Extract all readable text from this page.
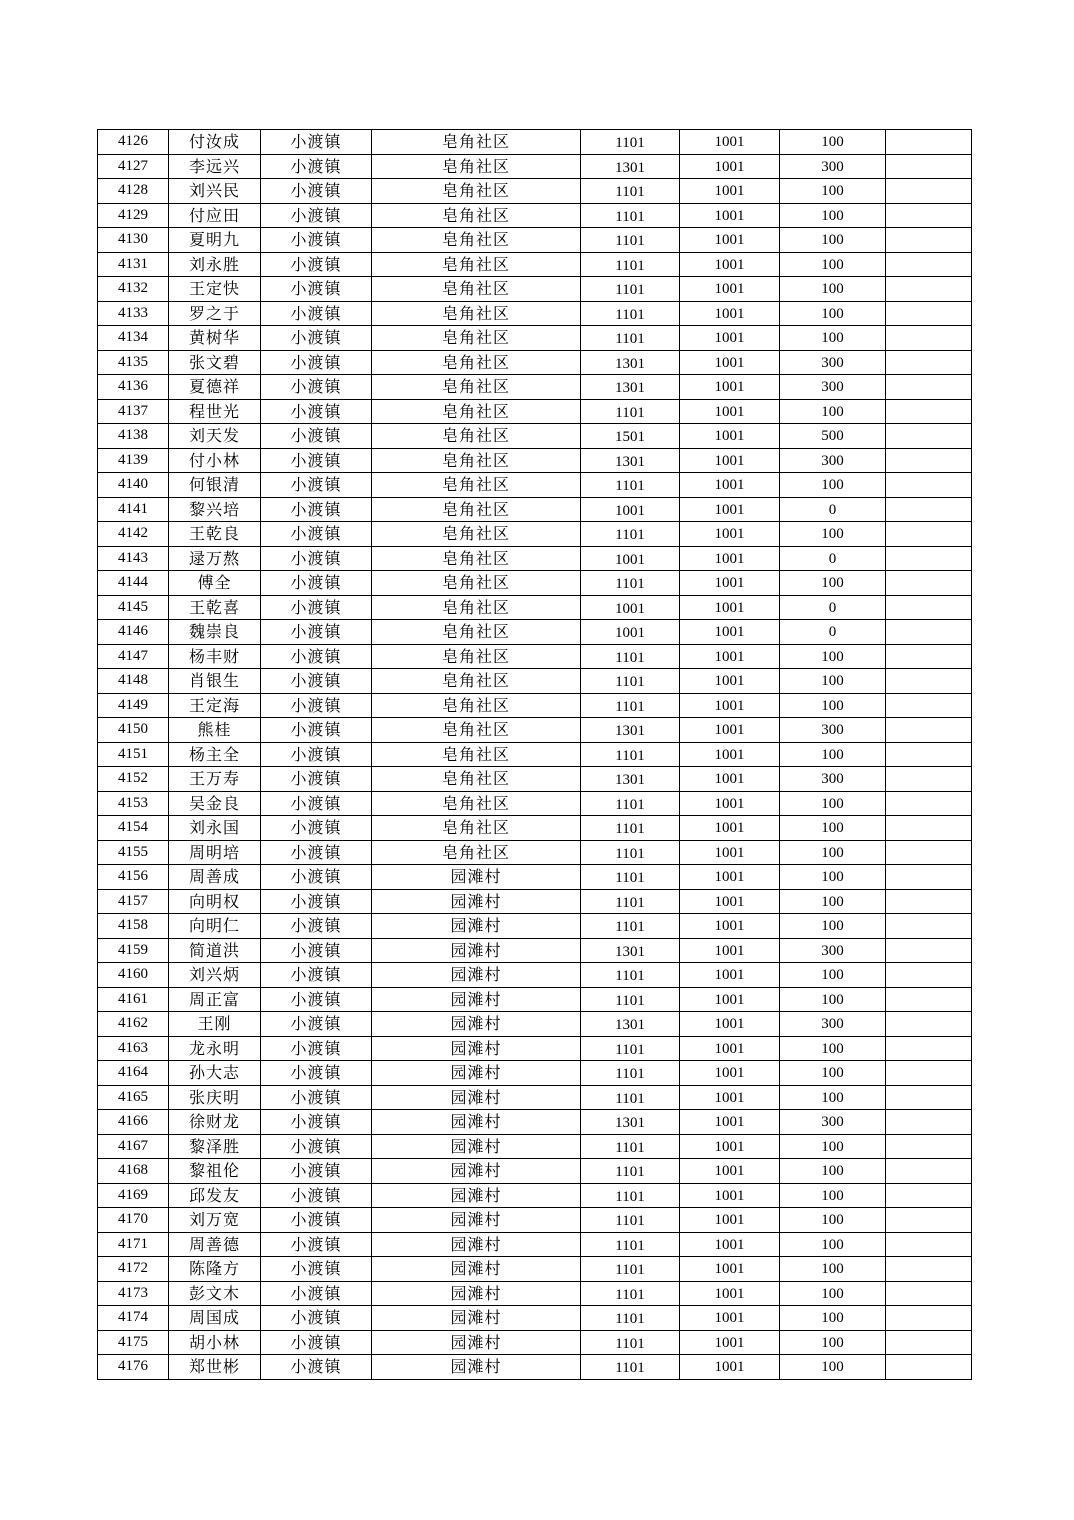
4126	付汝成	小渡镇	皂角社区	1101	1001	100	
4127	李远兴	小渡镇	皂角社区	1301	1001	300	
4128	刘兴民	小渡镇	皂角社区	1101	1001	100	
4129	付应田	小渡镇	皂角社区	1101	1001	100	
4130	夏明九	小渡镇	皂角社区	1101	1001	100	
4131	刘永胜	小渡镇	皂角社区	1101	1001	100	
4132	王定快	小渡镇	皂角社区	1101	1001	100	
4133	罗之于	小渡镇	皂角社区	1101	1001	100	
4134	黄树华	小渡镇	皂角社区	1101	1001	100	
4135	张文碧	小渡镇	皂角社区	1301	1001	300	
4136	夏德祥	小渡镇	皂角社区	1301	1001	300	
4137	程世光	小渡镇	皂角社区	1101	1001	100	
4138	刘天发	小渡镇	皂角社区	1501	1001	500	
4139	付小林	小渡镇	皂角社区	1301	1001	300	
4140	何银清	小渡镇	皂角社区	1101	1001	100	
4141	黎兴培	小渡镇	皂角社区	1001	1001	0	
4142	王乾良	小渡镇	皂角社区	1101	1001	100	
4143	逯万熬	小渡镇	皂角社区	1001	1001	0	
4144	傅全	小渡镇	皂角社区	1101	1001	100	
4145	王乾喜	小渡镇	皂角社区	1001	1001	0	
4146	魏崇良	小渡镇	皂角社区	1001	1001	0	
4147	杨丰财	小渡镇	皂角社区	1101	1001	100	
4148	肖银生	小渡镇	皂角社区	1101	1001	100	
4149	王定海	小渡镇	皂角社区	1101	1001	100	
4150	熊桂	小渡镇	皂角社区	1301	1001	300	
4151	杨主全	小渡镇	皂角社区	1101	1001	100	
4152	王万寿	小渡镇	皂角社区	1301	1001	300	
4153	吴金良	小渡镇	皂角社区	1101	1001	100	
4154	刘永国	小渡镇	皂角社区	1101	1001	100	
4155	周明培	小渡镇	皂角社区	1101	1001	100	
4156	周善成	小渡镇	园滩村	1101	1001	100	
4157	向明权	小渡镇	园滩村	1101	1001	100	
4158	向明仁	小渡镇	园滩村	1101	1001	100	
4159	简道洪	小渡镇	园滩村	1301	1001	300	
4160	刘兴炳	小渡镇	园滩村	1101	1001	100	
4161	周正富	小渡镇	园滩村	1101	1001	100	
4162	王刚	小渡镇	园滩村	1301	1001	300	
4163	龙永明	小渡镇	园滩村	1101	1001	100	
4164	孙大志	小渡镇	园滩村	1101	1001	100	
4165	张庆明	小渡镇	园滩村	1101	1001	100	
4166	徐财龙	小渡镇	园滩村	1301	1001	300	
4167	黎泽胜	小渡镇	园滩村	1101	1001	100	
4168	黎祖伦	小渡镇	园滩村	1101	1001	100	
4169	邱发友	小渡镇	园滩村	1101	1001	100	
4170	刘万宽	小渡镇	园滩村	1101	1001	100	
4171	周善德	小渡镇	园滩村	1101	1001	100	
4172	陈隆方	小渡镇	园滩村	1101	1001	100	
4173	彭文木	小渡镇	园滩村	1101	1001	100	
4174	周国成	小渡镇	园滩村	1101	1001	100	
4175	胡小林	小渡镇	园滩村	1101	1001	100	
4176	郑世彬	小渡镇	园滩村	1101	1001	100	
